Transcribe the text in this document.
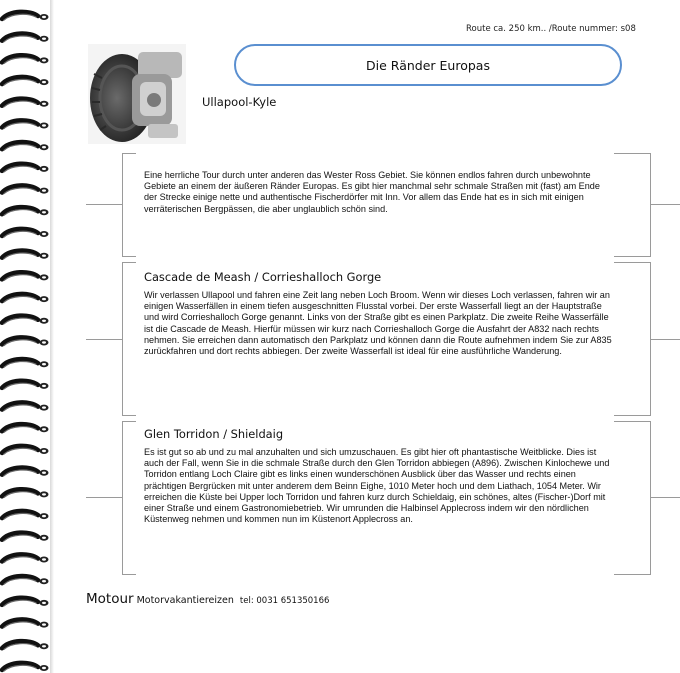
Route ca. 250 km.. /Route nummer: s08
Die Ränder Europas
Ullapool-Kyle
Eine herrliche Tour durch unter anderen das Wester Ross Gebiet. Sie können endlos fahren durch unbewohnte Gebiete an einem der äußeren Ränder Europas. Es gibt hier manchmal sehr schmale Straßen mit (fast) am Ende der Strecke einige nette und authentische Fischerdörfer mit Inn. Vor allem das Ende hat es in sich mit einigen verräterischen Bergpässen, die aber unglaublich schön sind.
Cascade de Meash / Corrieshalloch Gorge
Wir verlassen Ullapool und fahren eine Zeit lang neben Loch Broom. Wenn wir dieses Loch verlassen, fahren wir an einigen Wasserfällen in einem tiefen ausgeschnitten Flusstal vorbei. Der erste Wasserfall liegt an der Hauptstraße und wird Corrieshalloch Gorge genannt. Links von der Straße gibt es einen Parkplatz. Die zweite Reihe Wasserfälle ist die Cascade de Meash. Hierfür müssen wir kurz nach Corrieshalloch Gorge die Ausfahrt der A832 nach rechts nehmen. Sie erreichen dann automatisch den Parkplatz und können dann die Route aufnehmen indem Sie zur A835 zurückfahren und dort rechts abbiegen. Der zweite Wasserfall ist ideal für eine ausführliche Wanderung.
Glen Torridon / Shieldaig
Es ist gut so ab und zu mal anzuhalten und sich umzuschauen. Es gibt hier oft phantastische Weitblicke. Dies ist auch der Fall, wenn Sie in die schmale Straße durch den Glen Torridon abbiegen (A896). Zwischen Kinlochewe und Torridon entlang Loch Claire gibt es links einen wunderschönen Ausblick über das Wasser und rechts einen prächtigen Bergrücken mit unter anderem dem Beinn Eighe, 1010 Meter hoch und dem Liathach, 1054 Meter. Wir erreichen die Küste bei Upper loch Torridon und fahren kurz durch Schieldaig, ein schönes, altes (Fischer-)Dorf mit einer Straße und einem Gastronomiebetrieb. Wir umrunden die Halbinsel Applecross indem wir den nördlichen Küstenweg nehmen und kommen nun im Küstenort Applecross an.
Motour Motorvakantiereizen tel: 0031 651350166
